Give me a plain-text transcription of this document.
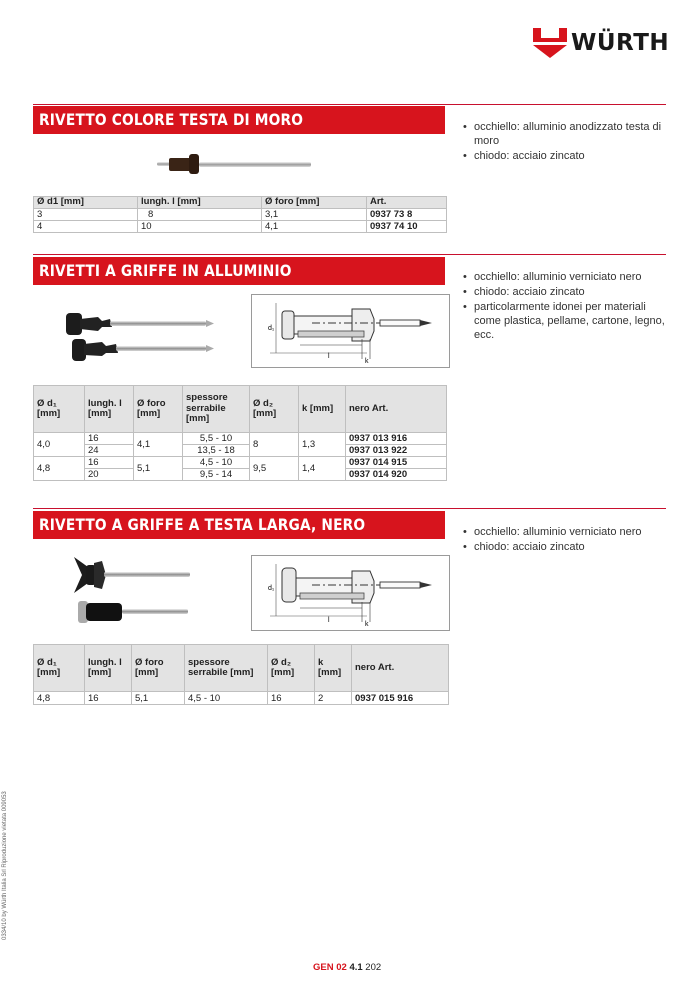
WÜRTH
RIVETTO COLORE TESTA DI MORO	• occhiello: alluminio anodizzato testa di moro
• chiodo: acciaio zincato
Ø d1 [mm]	lungh. l [mm]	Ø foro [mm]	Art.
3	8	3,1	0937 73 8
4	10	4,1	0937 74 10
RIVETTI A GRIFFE IN ALLUMINIO	• occhiello: alluminio verniciato nero
• chiodo: acciaio zincato
• particolarmente idonei per materiali come plastica, pellame, cartone, legno, ecc.
d₁
l
k
Ø d₁ [mm]	lungh. l [mm]	Ø foro [mm]	spessore serrabile [mm]	Ø d₂ [mm]	k [mm]	nero Art.
4,0	16	4,1	5,5 - 10	8	1,3	0937 013 916
	24		13,5 - 18			0937 013 922
4,8	16	5,1	4,5 - 10	9,5	1,4	0937 014 915
	20		9,5 - 14			0937 014 920
RIVETTO A GRIFFE A TESTA LARGA, NERO	• occhiello: alluminio verniciato nero
• chiodo: acciaio zincato
d₁
l
k
Ø d₁ [mm]	lungh. l [mm]	Ø foro [mm]	spessore serrabile [mm]	Ø d₂ [mm]	k [mm]	nero Art.
4,8	16	5,1	4,5 - 10	16	2	0937 015 916
0334/10 by Würth Italia Srl Riproduzione vietata 009053
GEN 02 4.1 202
